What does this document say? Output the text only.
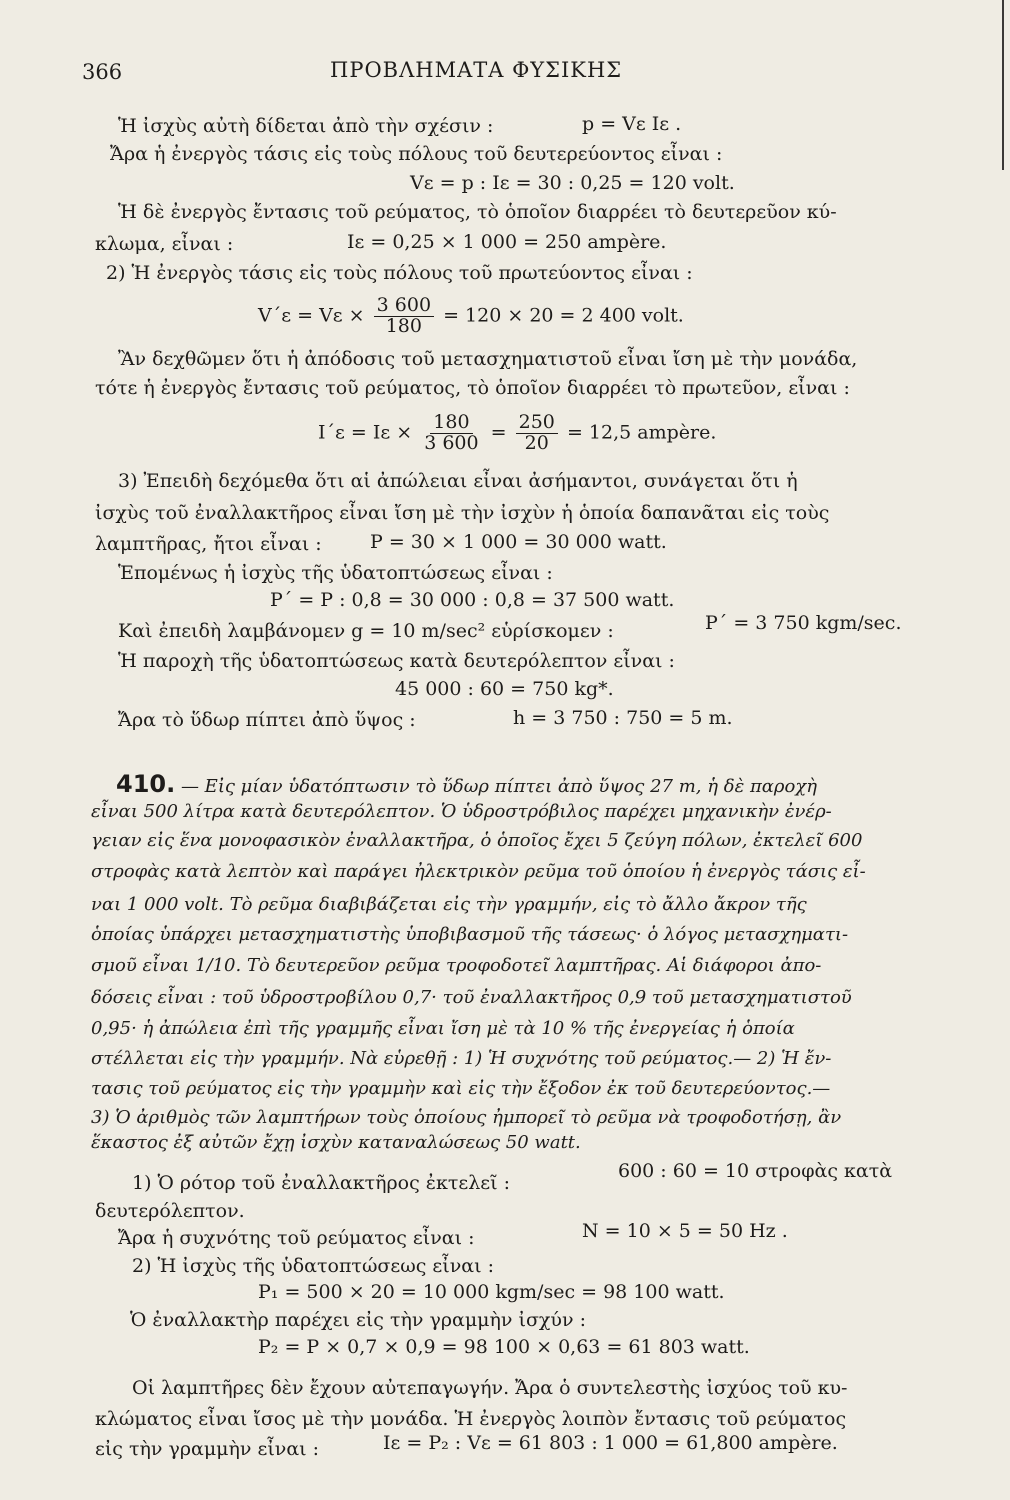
366	ΠΡΟΒΛΗΜΑΤΑ ΦΥΣΙΚΗΣ
Ἡ ἰσχὺς αὐτὴ δίδεται ἀπὸ τὴν σχέσιν :	p = Vε Iε .
Ἄρα ἡ ἐνεργὸς τάσις εἰς τοὺς πόλους τοῦ δευτερεύοντος εἶναι :
Vε = p : Iε = 30 : 0,25 = 120 volt.
Ἡ δὲ ἐνεργὸς ἔντασις τοῦ ρεύματος, τὸ ὁποῖον διαρρέει τὸ δευτερεῦον κύ-
κλωμα, εἶναι :	Iε = 0,25 × 1 000 = 250 ampère.
2) Ἡ ἐνεργὸς τάσις εἰς τοὺς πόλους τοῦ πρωτεύοντος εἶναι :
$V΄\varepsilon = V\varepsilon \times \frac{3 600}{180} = 120 \times 20 = 2$ 400 volt.
Ἂν δεχθῶμεν ὅτι ἡ ἀπόδοσις τοῦ μετασχηματιστοῦ εἶναι ἴση μὲ τὴν μονάδα,
τότε ἡ ἐνεργὸς ἔντασις τοῦ ρεύματος, τὸ ὁποῖον διαρρέει τὸ πρωτεῦον, εἶναι :
$I΄\varepsilon = I\varepsilon \times \frac{180}{3 600} = \frac{250}{20} = 12,5$ ampère.
3) Ἐπειδὴ δεχόμεθα ὅτι αἱ ἀπώλειαι εἶναι ἀσήμαντοι, συνάγεται ὅτι ἡ
ἰσχὺς τοῦ ἐναλλακτῆρος εἶναι ἴση μὲ τὴν ἰσχὺν ἡ ὁποία δαπανᾶται εἰς τοὺς
λαμπτῆρας, ἤτοι εἶναι :	P = 30 × 1 000 = 30 000 watt.
Ἑπομένως ἡ ἰσχὺς τῆς ὑδατοπτώσεως εἶναι :
P΄ = P : 0,8 = 30 000 : 0,8 = 37 500 watt.
Καὶ ἐπειδὴ λαμβάνομεν g = 10 m/sec² εὑρίσκομεν :	P΄ = 3 750 kgm/sec.
Ἡ παροχὴ τῆς ὑδατοπτώσεως κατὰ δευτερόλεπτον εἶναι :
45 000 : 60 = 750 kg*.
Ἄρα τὸ ὕδωρ πίπτει ἀπὸ ὕψος :	h = 3 750 : 750 = 5 m.
410. — Εἰς μίαν ὑδατόπτωσιν τὸ ὕδωρ πίπτει ἀπὸ ὕψος 27 m, ἡ δὲ παροχὴ
εἶναι 500 λίτρα κατὰ δευτερόλεπτον. Ὁ ὑδροστρόβιλος παρέχει μηχανικὴν ἐνέρ-
γειαν εἰς ἕνα μονοφασικὸν ἐναλλακτῆρα, ὁ ὁποῖος ἔχει 5 ζεύγη πόλων, ἐκτελεῖ 600
στροφὰς κατὰ λεπτὸν καὶ παράγει ἠλεκτρικὸν ρεῦμα τοῦ ὁποίου ἡ ἐνεργὸς τάσις εἶ-
ναι 1 000 volt. Τὸ ρεῦμα διαβιβάζεται εἰς τὴν γραμμήν, εἰς τὸ ἄλλο ἄκρον τῆς
ὁποίας ὑπάρχει μετασχηματιστὴς ὑποβιβασμοῦ τῆς τάσεως· ὁ λόγος μετασχηματι-
σμοῦ εἶναι 1/10. Τὸ δευτερεῦον ρεῦμα τροφοδοτεῖ λαμπτῆρας. Αἱ διάφοροι ἀπο-
δόσεις εἶναι : τοῦ ὑδροστροβίλου 0,7· τοῦ ἐναλλακτῆρος 0,9 τοῦ μετασχηματιστοῦ
0,95· ἡ ἀπώλεια ἐπὶ τῆς γραμμῆς εἶναι ἴση μὲ τὰ 10 % τῆς ἐνεργείας ἡ ὁποία
στέλλεται εἰς τὴν γραμμήν. Νὰ εὑρεθῇ : 1) Ἡ συχνότης τοῦ ρεύματος.— 2) Ἡ ἔν-
τασις τοῦ ρεύματος εἰς τὴν γραμμὴν καὶ εἰς τὴν ἔξοδον ἐκ τοῦ δευτερεύοντος.—
3) Ὁ ἀριθμὸς τῶν λαμπτήρων τοὺς ὁποίους ἠμπορεῖ τὸ ρεῦμα νὰ τροφοδοτήσῃ, ἂν
ἕκαστος ἐξ αὐτῶν ἔχῃ ἰσχὺν καταναλώσεως 50 watt.
1) Ὁ ρότορ τοῦ ἐναλλακτῆρος ἐκτελεῖ :
600 : 60 = 10 στροφὰς κατὰ
δευτερόλεπτον.
Ἄρα ἡ συχνότης τοῦ ρεύματος εἶναι :	N = 10 × 5 = 50 Hz .
2) Ἡ ἰσχὺς τῆς ὑδατοπτώσεως εἶναι :
P₁ = 500 × 20 = 10 000 kgm/sec = 98 100 watt.
Ὁ ἐναλλακτὴρ παρέχει εἰς τὴν γραμμὴν ἰσχύν :
P₂ = P × 0,7 × 0,9 = 98 100 × 0,63 = 61 803 watt.
Οἱ λαμπτῆρες δὲν ἔχουν αὐτεπαγωγήν. Ἄρα ὁ συντελεστὴς ἰσχύος τοῦ κυ-
κλώματος εἶναι ἴσος μὲ τὴν μονάδα. Ἡ ἐνεργὸς λοιπὸν ἔντασις τοῦ ρεύματος
εἰς τὴν γραμμὴν εἶναι :	Iε = P₂ : Vε = 61 803 : 1 000 = 61,800 ampère.
